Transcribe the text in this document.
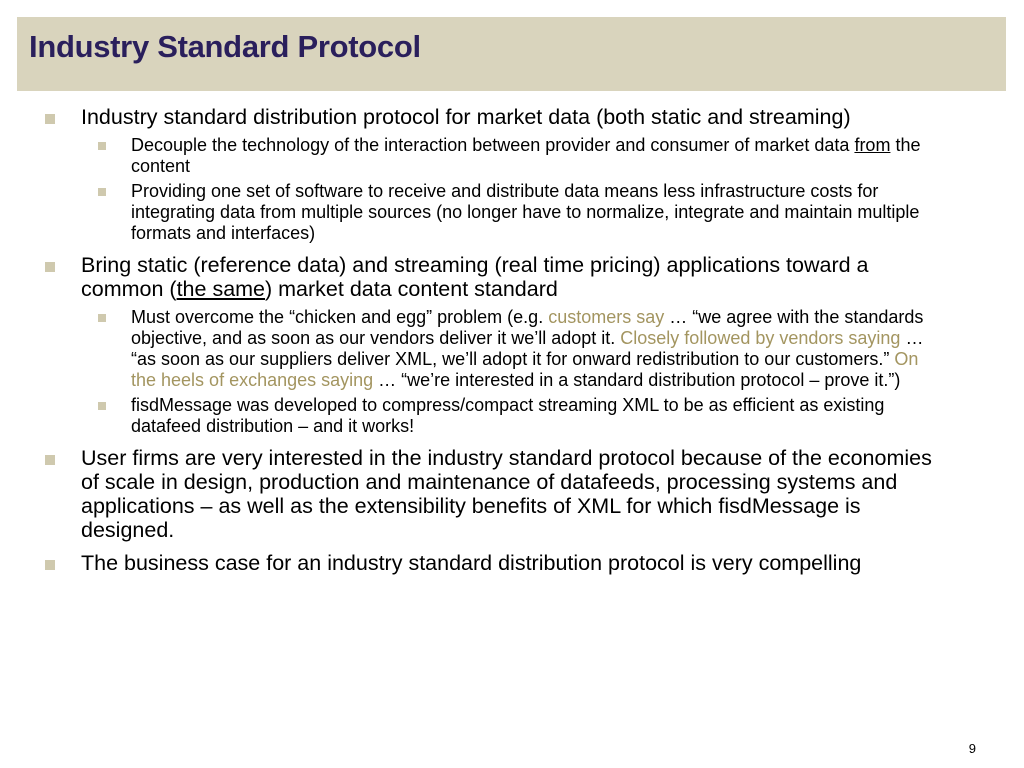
Industry Standard Protocol
Industry standard distribution protocol for market data (both static and streaming)
Decouple the technology of the interaction between provider and consumer of market data from the content
Providing one set of software to receive and distribute data means less infrastructure costs for integrating data from multiple sources (no longer have to normalize, integrate and maintain multiple formats and interfaces)
Bring static (reference data) and streaming (real time pricing) applications toward a common (the same) market data content standard
Must overcome the “chicken and egg” problem (e.g. customers say … “we agree with the standards objective, and as soon as our vendors deliver it we’ll adopt it. Closely followed by vendors saying … “as soon as our suppliers deliver XML, we’ll adopt it for onward redistribution to our customers.” On the heels of exchanges saying … “we’re interested in a standard distribution protocol – prove it.”)
fisdMessage was developed to compress/compact streaming XML to be as efficient as existing datafeed distribution – and it works!
User firms are very interested in the industry standard protocol because of the economies of scale in design, production and maintenance of datafeeds, processing systems and applications – as well as the extensibility benefits of XML for which fisdMessage is designed.
The business case for an industry standard distribution protocol is very compelling
9
